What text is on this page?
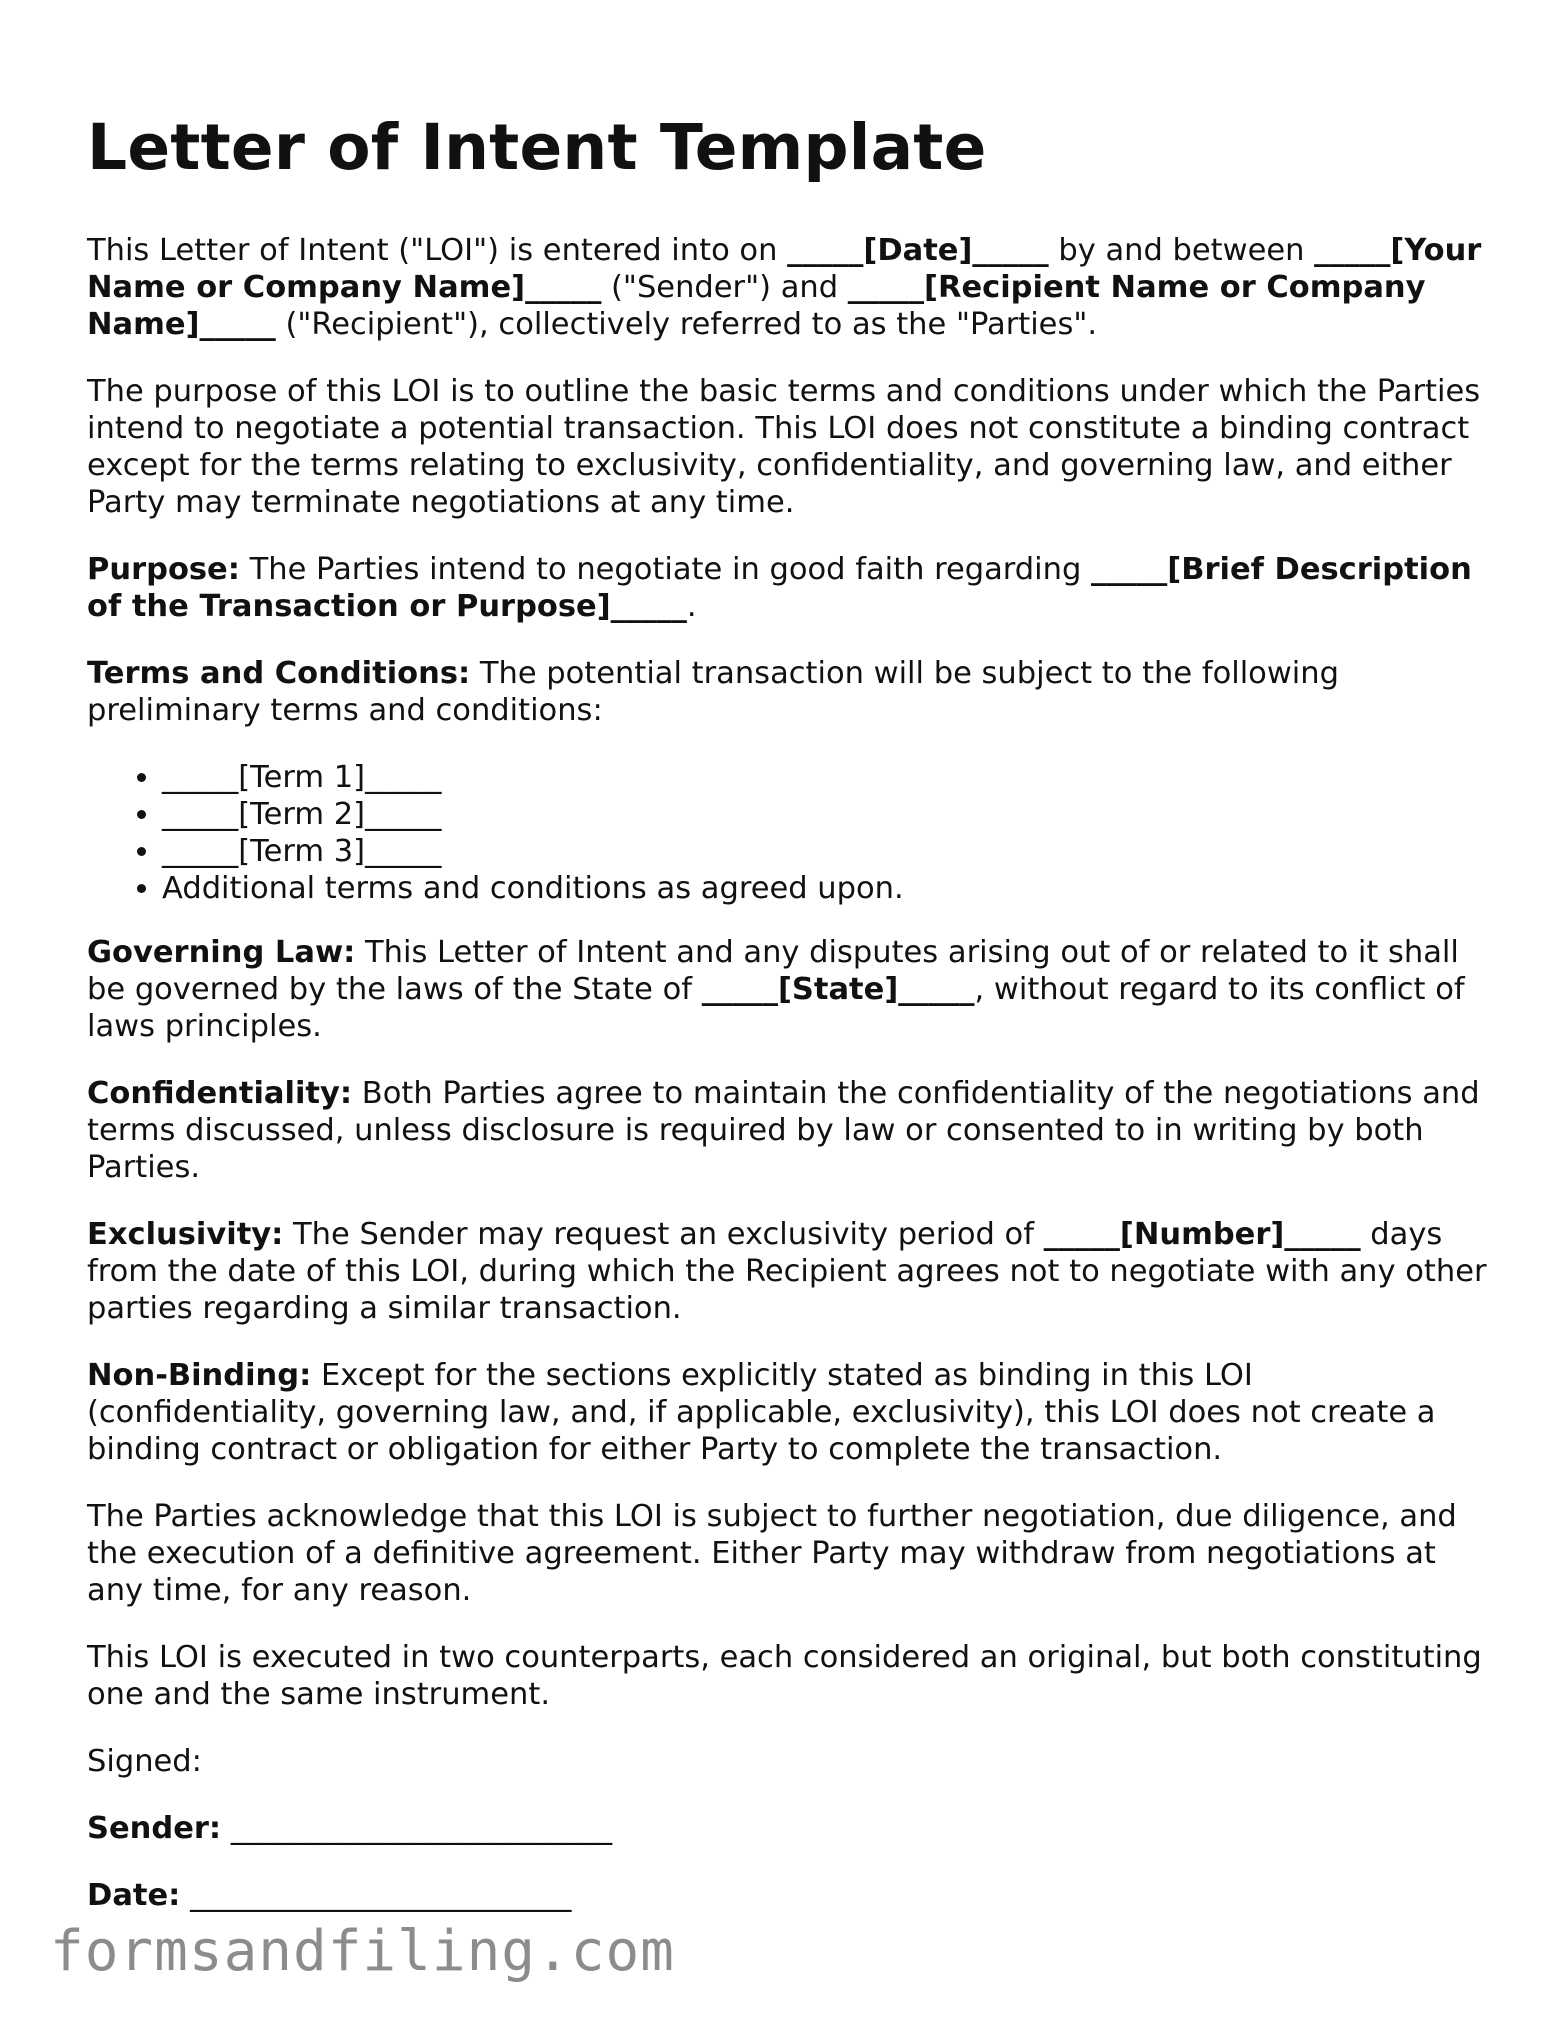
Letter of Intent Template

This Letter of Intent ("LOI") is entered into on _____[Date]_____ by and between _____[Your Name or Company Name]_____ ("Sender") and _____[Recipient Name or Company Name]_____ ("Recipient"), collectively referred to as the "Parties".

The purpose of this LOI is to outline the basic terms and conditions under which the Parties intend to negotiate a potential transaction. This LOI does not constitute a binding contract except for the terms relating to exclusivity, confidentiality, and governing law, and either Party may terminate negotiations at any time.

Purpose: The Parties intend to negotiate in good faith regarding _____[Brief Description of the Transaction or Purpose]_____.

Terms and Conditions: The potential transaction will be subject to the following preliminary terms and conditions:

• _____[Term 1]_____
• _____[Term 2]_____
• _____[Term 3]_____
• Additional terms and conditions as agreed upon.

Governing Law: This Letter of Intent and any disputes arising out of or related to it shall be governed by the laws of the State of _____[State]_____, without regard to its conflict of laws principles.

Confidentiality: Both Parties agree to maintain the confidentiality of the negotiations and terms discussed, unless disclosure is required by law or consented to in writing by both Parties.

Exclusivity: The Sender may request an exclusivity period of _____[Number]_____ days from the date of this LOI, during which the Recipient agrees not to negotiate with any other parties regarding a similar transaction.

Non-Binding: Except for the sections explicitly stated as binding in this LOI (confidentiality, governing law, and, if applicable, exclusivity), this LOI does not create a binding contract or obligation for either Party to complete the transaction.

The Parties acknowledge that this LOI is subject to further negotiation, due diligence, and the execution of a definitive agreement. Either Party may withdraw from negotiations at any time, for any reason.

This LOI is executed in two counterparts, each considered an original, but both constituting one and the same instrument.

Signed:

Sender: _________________________
Date: _________________________
formsandfiling.com
